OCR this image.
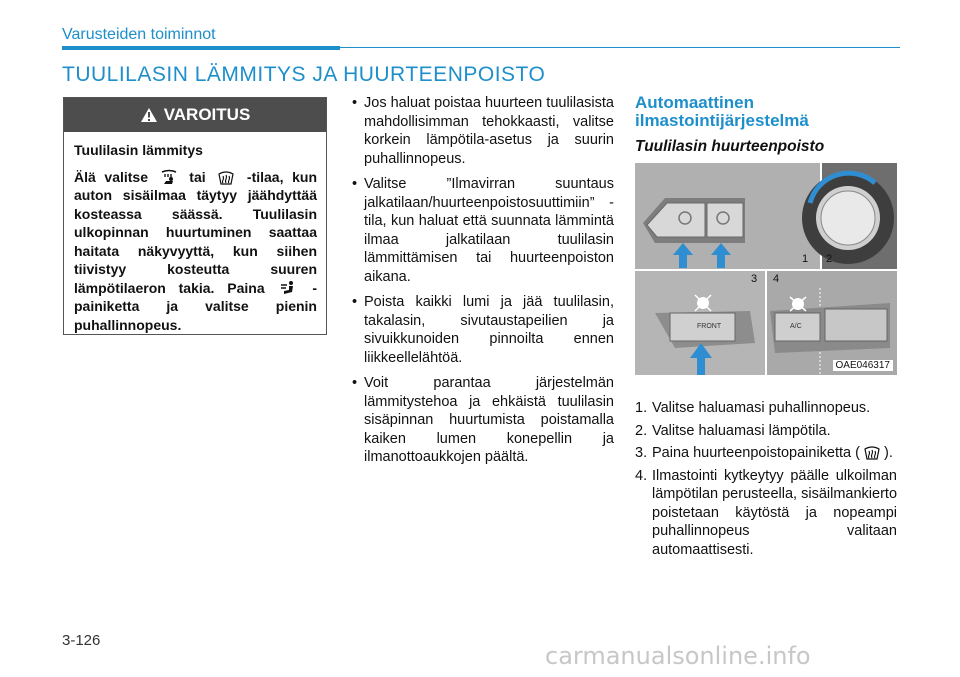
Varusteiden toiminnot
TUULILASIN LÄMMITYS JA HUURTEENPOISTO
VAROITUS
Tuulilasin lämmitys
Älä valitse	tai	-tilaa, kun auton sisäilmaa täytyy jäähdyttää kosteassa säässä. Tuulilasin ulkopinnan huurtuminen saattaa haitata näkyvyyttä, kun siihen tiivistyy kosteutta suuren lämpötilaeron takia. Paina	-painiketta ja valitse pienin puhallinnopeus.
• Jos haluat poistaa huurteen tuulilasista mahdollisimman tehokkaasti, valitse korkein lämpötila-asetus ja suurin puhallinnopeus.
• Valitse ”Ilmavirran suuntaus jalkatilaan/huurteenpoistosuuttimiin” -tila, kun haluat että suunnata lämmintä ilmaa jalkatilaan tuulilasin lämmittämisen tai huurteenpoiston aikana.
• Poista kaikki lumi ja jää tuulilasin, takalasin, sivutaustapeilien ja sivuikkunoiden pinnoilta ennen liikkeellelähtöä.
• Voit parantaa järjestelmän lämmitystehoa ja ehkäistä tuulilasin sisäpinnan huurtumista poistamalla kaiken lumen konepellin ja ilmanottoaukkojen päältä.
Automaattinen ilmastointijärjestelmä
Tuulilasin huurteenpoisto
1 2
3 4
FRONT	A/C
OAE046317
1. Valitse haluamasi puhallinnopeus.
2. Valitse haluamasi lämpötila.
3. Paina huurteenpoistopainiketta ( ).
4. Ilmastointi kytkeytyy päälle ulkoilman lämpötilan perusteella, sisäilmankierto poistetaan käytöstä ja nopeampi puhallinnopeus valitaan automaattisesti.
3-126
carmanualsonline.info
